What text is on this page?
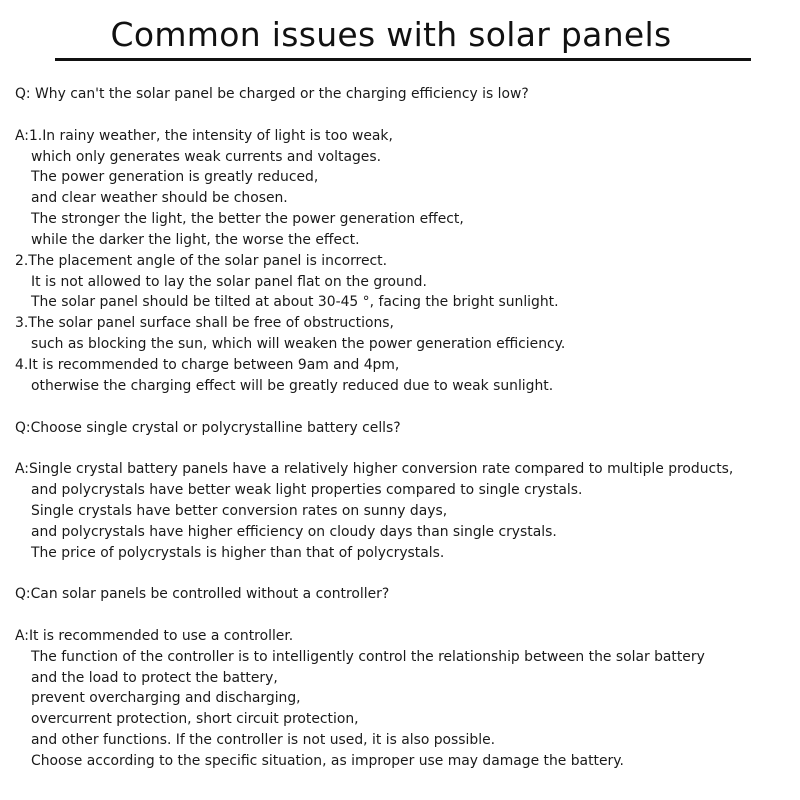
Common issues with solar panels
Q: Why can't the solar panel be charged or the charging efficiency is low?
A:1.In rainy weather, the intensity of light is too weak,
which only generates weak currents and voltages.
The power generation is greatly reduced,
and clear weather should be chosen.
The stronger the light, the better the power generation effect,
while the darker the light, the worse the effect.
2.The placement angle of the solar panel is incorrect.
It is not allowed to lay the solar panel flat on the ground.
The solar panel should be tilted at about 30-45 °, facing the bright sunlight.
3.The solar panel surface shall be free of obstructions,
such as blocking the sun, which will weaken the power generation efficiency.
4.It is recommended to charge between 9am and 4pm,
otherwise the charging effect will be greatly reduced due to weak sunlight.
Q:Choose single crystal or polycrystalline battery cells?
A:Single crystal battery panels have a relatively higher conversion rate compared to multiple products,
and polycrystals have better weak light properties compared to single crystals.
Single crystals have better conversion rates on sunny days,
and polycrystals have higher efficiency on cloudy days than single crystals.
The price of polycrystals is higher than that of polycrystals.
Q:Can solar panels be controlled without a controller?
A:It is recommended to use a controller.
The function of the controller is to intelligently control the relationship between the solar battery
and the load to protect the battery,
prevent overcharging and discharging,
overcurrent protection, short circuit protection,
and other functions. If the controller is not used, it is also possible.
Choose according to the specific situation, as improper use may damage the battery.
